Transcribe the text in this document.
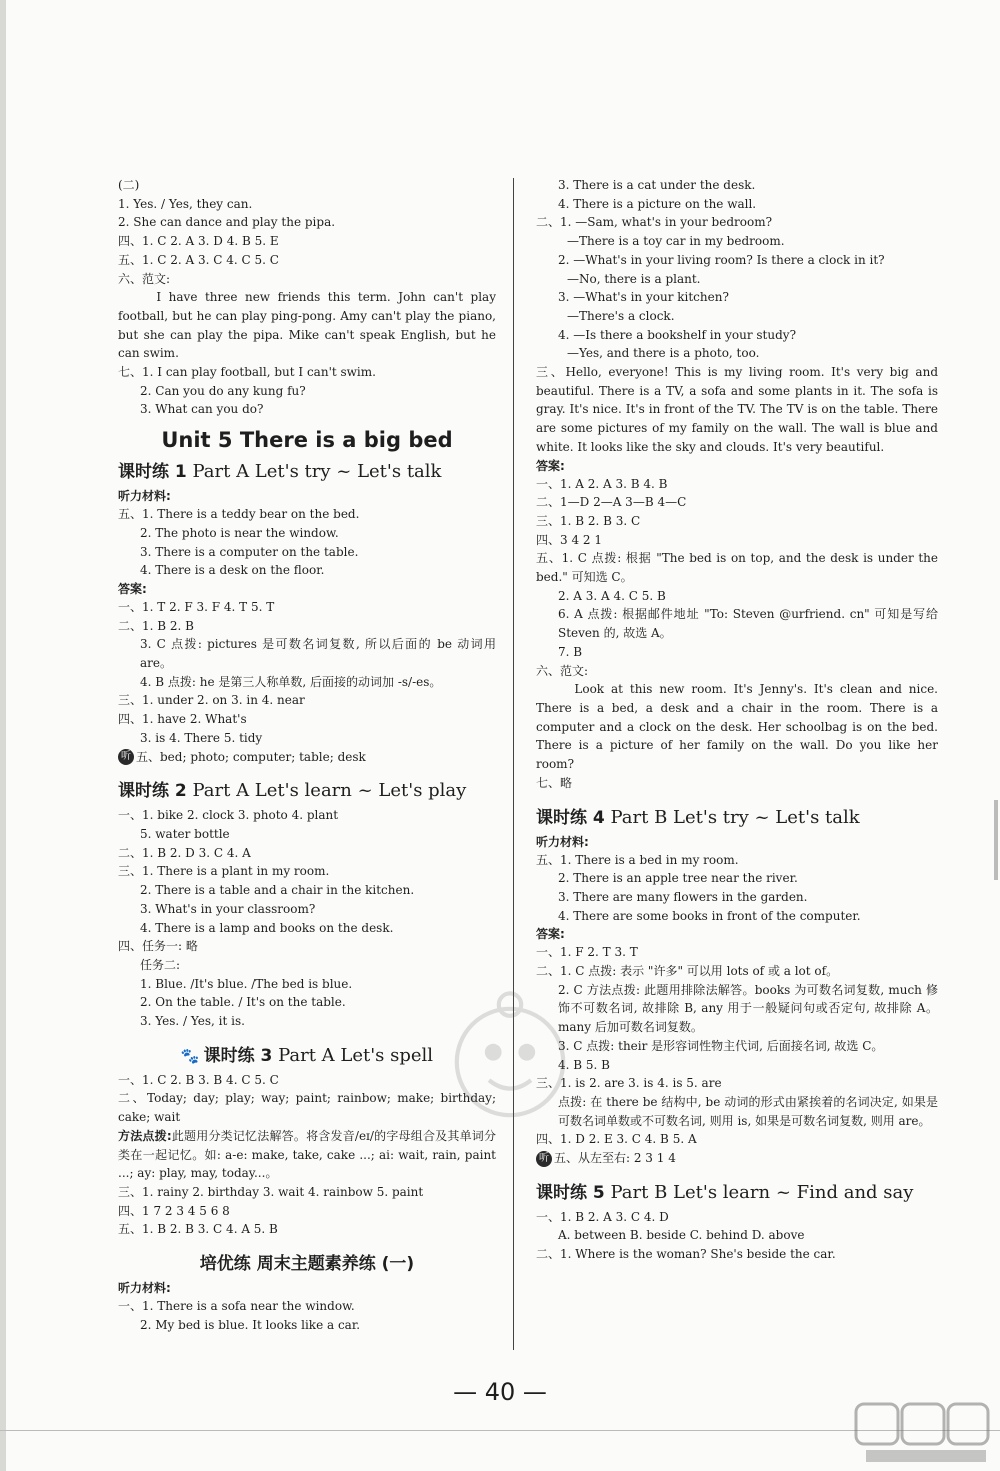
(二)
1. Yes. / Yes, they can.
2. She can dance and play the pipa.
四、1. C 2. A 3. D 4. B 5. E
五、1. C 2. A 3. C 4. C 5. C
六、范文:

I have three new friends this term. John can't play football, but he can play ping-pong. Amy can't play the piano, but she can play the pipa. Mike can't speak English, but he can swim.

七、1. I can play football, but I can't swim.
2. Can you do any kung fu?
3. What can you do?
Unit 5 There is a big bed
课时练 1 Part A Let's try ~ Let's talk
听力材料:
五、1. There is a teddy bear on the bed.
2. The photo is near the window.
3. There is a computer on the table.
4. There is a desk on the floor.
答案:
一、1. T 2. F 3. F 4. T 5. T
二、1. B 2. B
3. C 点拨: pictures 是可数名词复数, 所以后面的 be 动词用 are。
4. B 点拨: he 是第三人称单数, 后面接的动词加 -s/-es。
三、1. under 2. on 3. in 4. near
四、1. have 2. What's
3. is 4. There 5. tidy
听 五、bed; photo; computer; table; desk
课时练 2 Part A Let's learn ~ Let's play
一、1. bike 2. clock 3. photo 4. plant
5. water bottle
二、1. B 2. D 3. C 4. A
三、1. There is a plant in my room.
2. There is a table and a chair in the kitchen.
3. What's in your classroom?
4. There is a lamp and books on the desk.
四、任务一: 略
任务二:
1. Blue. /It's blue. /The bed is blue.
2. On the table. / It's on the table.
3. Yes. / Yes, it is.
🐾 课时练 3 Part A Let's spell
一、1. C 2. B 3. B 4. C 5. C
二、Today; day; play; way; paint; rainbow; make; birthday; cake; wait
方法点拨:此题用分类记忆法解答。将含发音/eɪ/的字母组合及其单词分类在一起记忆。如: a-e: make, take, cake ...; ai: wait, rain, paint ...; ay: play, may, today...。
三、1. rainy 2. birthday 3. wait 4. rainbow 5. paint
四、1 7 2 3 4 5 6 8
五、1. B 2. B 3. C 4. A 5. B
培优练 周末主题素养练 (一)
听力材料:
一、1. There is a sofa near the window.
2. My bed is blue. It looks like a car.
3. There is a cat under the desk.
4. There is a picture on the wall.
二、1. —Sam, what's in your bedroom?
—There is a toy car in my bedroom.
2. —What's in your living room? Is there a clock in it?
—No, there is a plant.
3. —What's in your kitchen?
—There's a clock.
4. —Is there a bookshelf in your study?
—Yes, and there is a photo, too.
三、Hello, everyone! This is my living room. It's very big and beautiful. There is a TV, a sofa and some plants in it. The sofa is gray. It's nice. It's in front of the TV. The TV is on the table. There are some pictures of my family on the wall. The wall is blue and white. It looks like the sky and clouds. It's very beautiful.
答案:
一、1. A 2. A 3. B 4. B
二、1—D 2—A 3—B 4—C
三、1. B 2. B 3. C
四、3 4 2 1
五、1. C 点拨: 根据 "The bed is on top, and the desk is under the bed." 可知选 C。
2. A 3. A 4. C 5. B
6. A 点拨: 根据邮件地址 "To: Steven @urfriend. cn" 可知是写给 Steven 的, 故选 A。
7. B
六、范文:

Look at this new room. It's Jenny's. It's clean and nice. There is a bed, a desk and a chair in the room. There is a computer and a clock on the desk. Her schoolbag is on the bed. There is a picture of her family on the wall. Do you like her room?

七、略
课时练 4 Part B Let's try ~ Let's talk
听力材料:
五、1. There is a bed in my room.
2. There is an apple tree near the river.
3. There are many flowers in the garden.
4. There are some books in front of the computer.
答案:
一、1. F 2. T 3. T
二、1. C 点拨: 表示 "许多" 可以用 lots of 或 a lot of。
2. C 方法点拨: 此题用排除法解答。books 为可数名词复数, much 修饰不可数名词, 故排除 B, any 用于一般疑问句或否定句, 故排除 A。many 后加可数名词复数。
3. C 点拨: their 是形容词性物主代词, 后面接名词, 故选 C。
4. B 5. B
三、1. is 2. are 3. is 4. is 5. are
点拨: 在 there be 结构中, be 动词的形式由紧挨着的名词决定, 如果是可数名词单数或不可数名词, 则用 is, 如果是可数名词复数, 则用 are。
四、1. D 2. E 3. C 4. B 5. A
听 五、从左至右: 2 3 1 4
课时练 5 Part B Let's learn ~ Find and say
一、1. B 2. A 3. C 4. D
A. between B. beside C. behind D. above
二、1. Where is the woman? She's beside the car.
— 40 —
